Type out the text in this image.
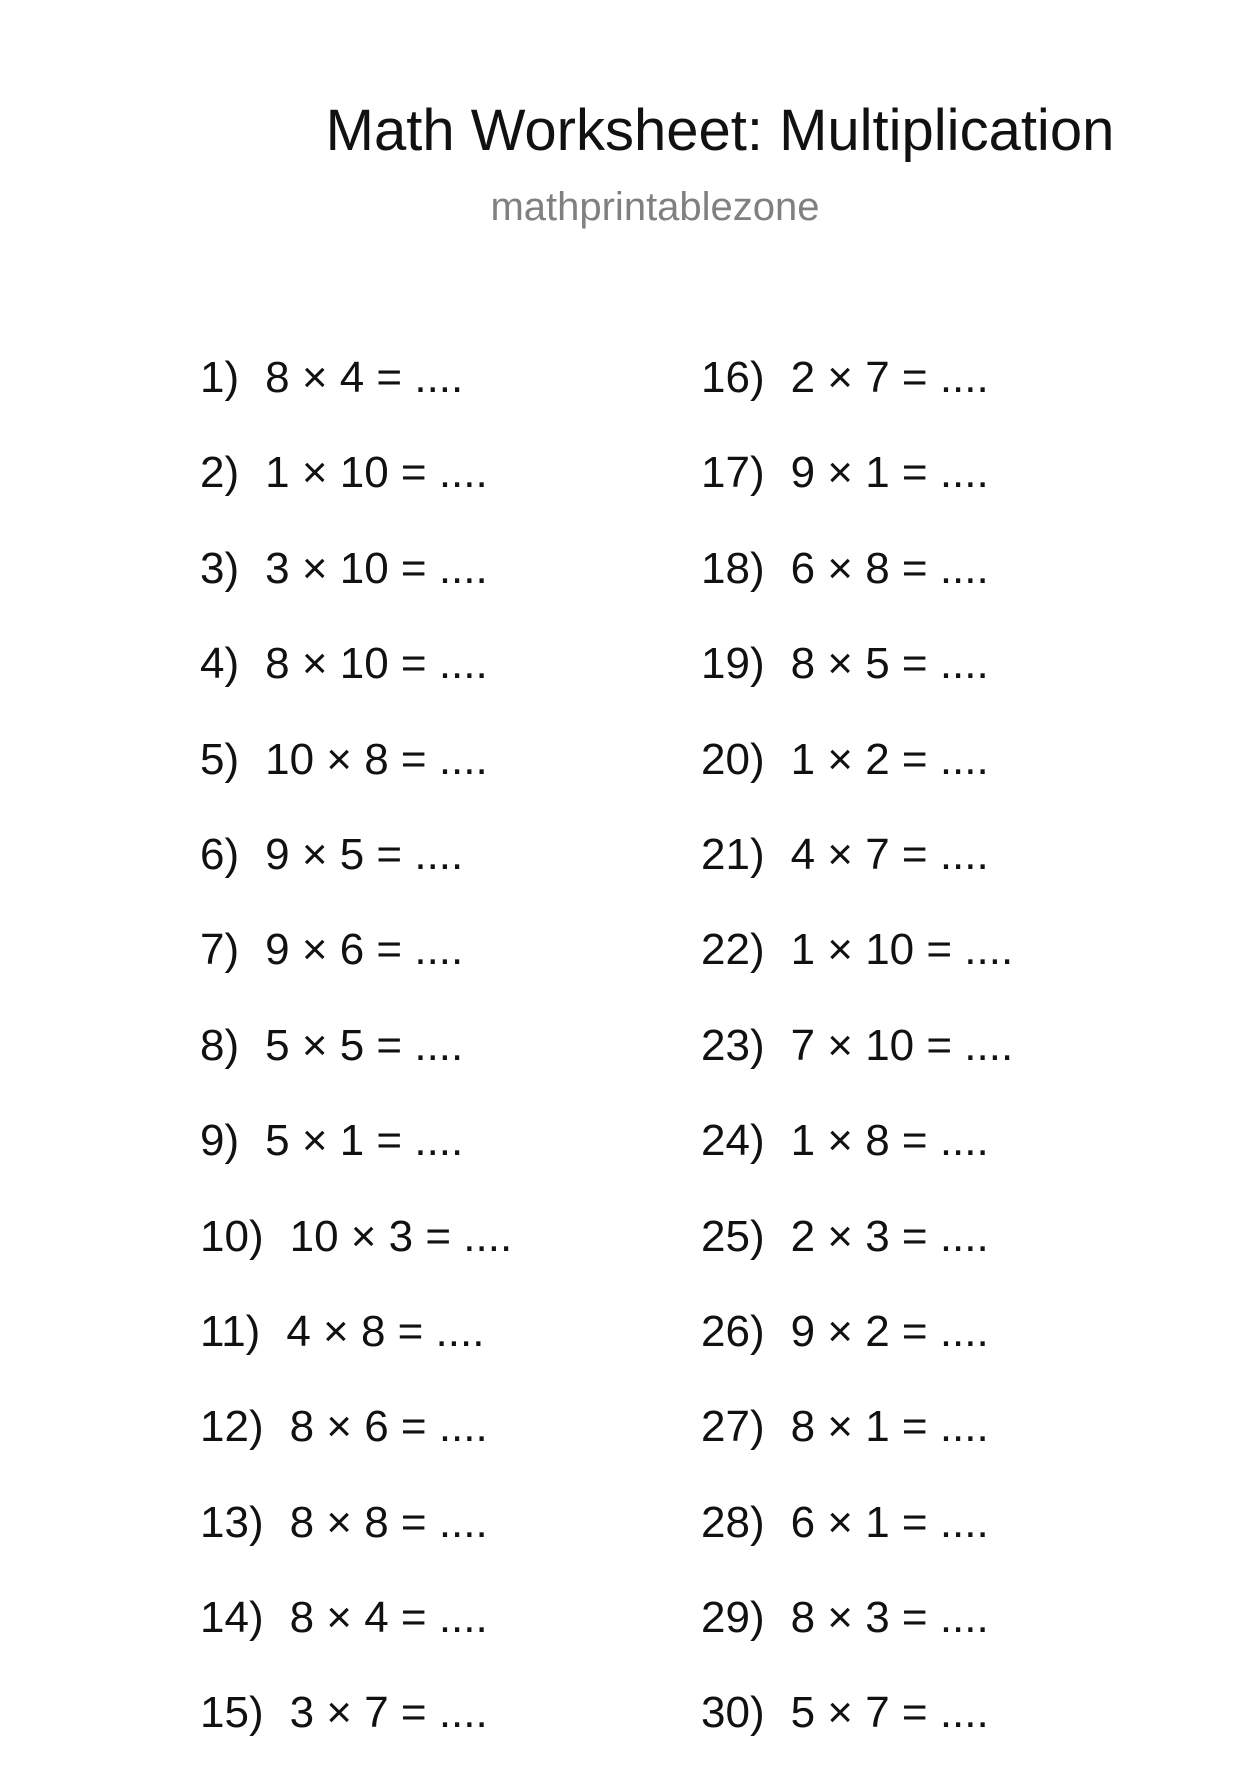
Math Worksheet: Multiplication
mathprintablezone
1) 8 × 4 = ....
2) 1 × 10 = ....
3) 3 × 10 = ....
4) 8 × 10 = ....
5) 10 × 8 = ....
6) 9 × 5 = ....
7) 9 × 6 = ....
8) 5 × 5 = ....
9) 5 × 1 = ....
10) 10 × 3 = ....
11) 4 × 8 = ....
12) 8 × 6 = ....
13) 8 × 8 = ....
14) 8 × 4 = ....
15) 3 × 7 = ....
16) 2 × 7 = ....
17) 9 × 1 = ....
18) 6 × 8 = ....
19) 8 × 5 = ....
20) 1 × 2 = ....
21) 4 × 7 = ....
22) 1 × 10 = ....
23) 7 × 10 = ....
24) 1 × 8 = ....
25) 2 × 3 = ....
26) 9 × 2 = ....
27) 8 × 1 = ....
28) 6 × 1 = ....
29) 8 × 3 = ....
30) 5 × 7 = ....
